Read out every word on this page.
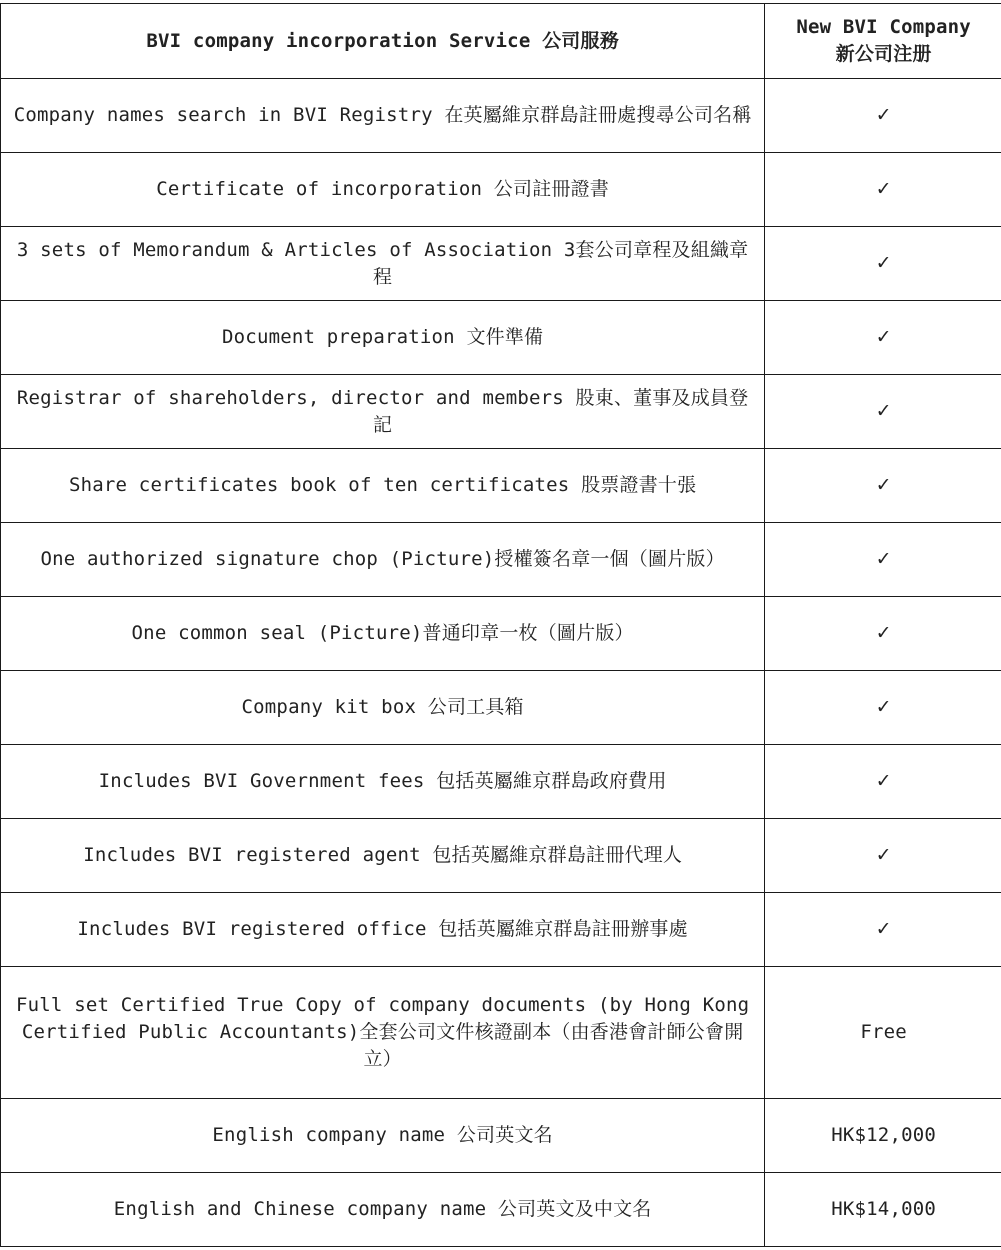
BVI company incorporation Service 公司服務	New BVI Company
新公司注册

Company names search in BVI Registry 在英屬維京群島註冊處搜尋公司名稱	✓
Certificate of incorporation 公司註冊證書	✓
3 sets of Memorandum & Articles of Association 3套公司章程及組織章程	✓
Document preparation 文件準備	✓
Registrar of shareholders, director and members 股東、董事及成員登記	✓
Share certificates book of ten certificates 股票證書十張	✓
One authorized signature chop (Picture)授權簽名章一個（圖片版）	✓
One common seal (Picture)普通印章一枚（圖片版）	✓
Company kit box 公司工具箱	✓
Includes BVI Government fees 包括英屬維京群島政府費用	✓
Includes BVI registered agent 包括英屬維京群島註冊代理人	✓
Includes BVI registered office 包括英屬維京群島註冊辦事處	✓
Full set Certified True Copy of company documents (by Hong Kong Certified Public Accountants)全套公司文件核證副本（由香港會計師公會開立）	Free
English company name 公司英文名	HK$12,000
English and Chinese company name 公司英文及中文名	HK$14,000
